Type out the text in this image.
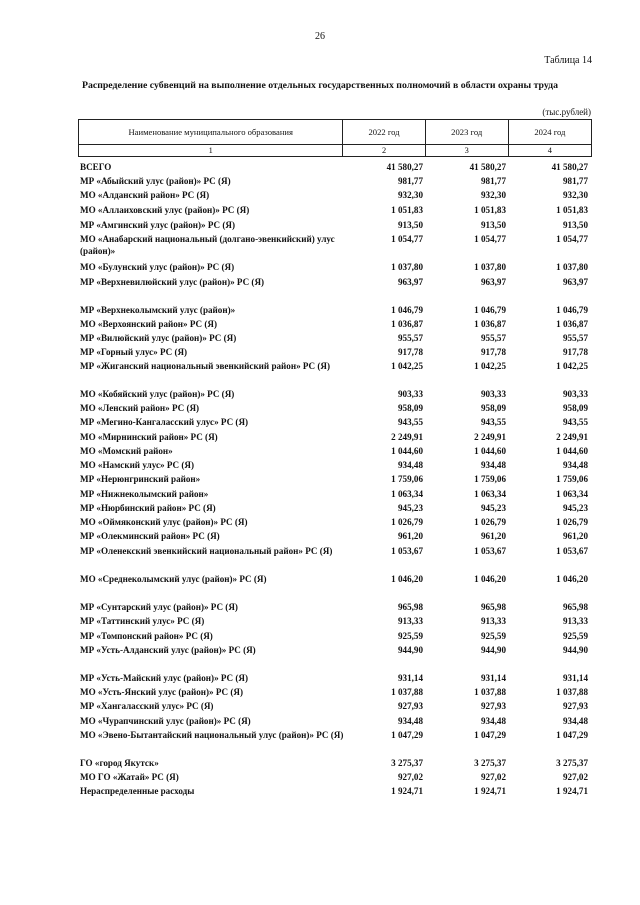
26
Таблица 14
Распределение субвенций на выполнение отдельных государственных полномочий в области охраны труда
(тыс.рублей)
Наименование муниципального образования	2022 год	2023 год	2024 год
1	2	3	4
ВСЕГО	41 580,27	41 580,27	41 580,27
МР «Абыйский улус (район)» РС (Я)	981,77	981,77	981,77
МО «Алданский район» РС (Я)	932,30	932,30	932,30
МО «Аллаиховский улус (район)» РС (Я)	1 051,83	1 051,83	1 051,83
МР «Амгинский улус (район)» РС (Я)	913,50	913,50	913,50
МО «Анабарский национальный (долгано-эвенкийский) улус (район)»
1 054,77	1 054,77	1 054,77
МО «Булунский улус (район)» РС (Я)	1 037,80	1 037,80	1 037,80
МР «Верхневилюйский улус (район)» РС (Я)	963,97	963,97	963,97
МР «Верхнеколымский улус (район)»	1 046,79	1 046,79	1 046,79
МО «Верхоянский район» РС (Я)	1 036,87	1 036,87	1 036,87
МР «Вилюйский улус (район)» РС (Я)	955,57	955,57	955,57
МР «Горный улус» РС (Я)	917,78	917,78	917,78
МР «Жиганский национальный эвенкийский район» РС (Я)	1 042,25	1 042,25	1 042,25
МО «Кобяйский улус (район)» РС (Я)	903,33	903,33	903,33
МО «Ленский район» РС (Я)	958,09	958,09	958,09
МР «Мегино-Кангаласский улус» РС (Я)	943,55	943,55	943,55
МО «Мирнинский район» РС (Я)	2 249,91	2 249,91	2 249,91
МО «Момский район»	1 044,60	1 044,60	1 044,60
МО «Намский улус» РС (Я)	934,48	934,48	934,48
МР «Нерюнгринский район»	1 759,06	1 759,06	1 759,06
МР «Нижнеколымский район»	1 063,34	1 063,34	1 063,34
МР «Нюрбинский район» РС (Я)	945,23	945,23	945,23
МО «Оймяконский улус (район)» РС (Я)	1 026,79	1 026,79	1 026,79
МР «Олекминский район» РС (Я)	961,20	961,20	961,20
МР «Оленекский эвенкийский национальный район» РС (Я)	1 053,67	1 053,67	1 053,67
МО «Среднеколымский улус (район)» РС (Я)	1 046,20	1 046,20	1 046,20
МР «Сунтарский улус (район)» РС (Я)	965,98	965,98	965,98
МР «Таттинский улус» РС (Я)	913,33	913,33	913,33
МР «Томпонский район» РС (Я)	925,59	925,59	925,59
МР «Усть-Алданский улус (район)» РС (Я)	944,90	944,90	944,90
МР «Усть-Майский улус (район)» РС (Я)	931,14	931,14	931,14
МО «Усть-Янский улус (район)» РС (Я)	1 037,88	1 037,88	1 037,88
МР «Хангаласский улус» РС (Я)	927,93	927,93	927,93
МО «Чурапчинский улус (район)» РС (Я)	934,48	934,48	934,48
МО «Эвено-Бытантайский национальный улус (район)» РС (Я)	1 047,29	1 047,29	1 047,29
ГО «город Якутск»	3 275,37	3 275,37	3 275,37
МО ГО «Жатай» РС (Я)	927,02	927,02	927,02
Нераспределенные расходы	1 924,71	1 924,71	1 924,71
